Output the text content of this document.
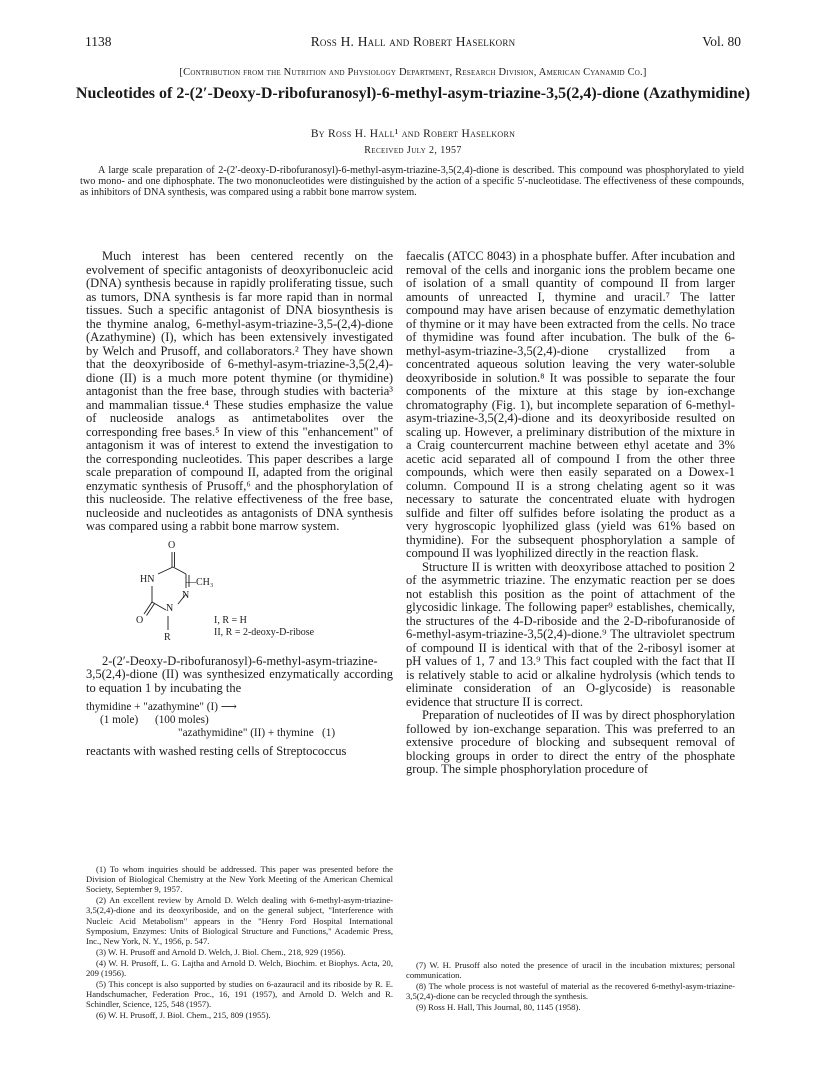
1138	Ross H. Hall and Robert Haselkorn	Vol. 80
[Contribution from the Nutrition and Physiology Department, Research Division, American Cyanamid Co.]
Nucleotides of 2-(2′-Deoxy-D-ribofuranosyl)-6-methyl-asym-triazine-3,5(2,4)-dione (Azathymidine)
By Ross H. Hall¹ and Robert Haselkorn
Received July 2, 1957

A large scale preparation of 2-(2′-deoxy-D-ribofuranosyl)-6-methyl-asym-triazine-3,5(2,4)-dione is described. This compound was phosphorylated to yield two mono- and one diphosphate. The two mononucleotides were distinguished by the action of a specific 5′-nucleotidase. The effectiveness of these compounds, as inhibitors of DNA synthesis, was compared using a rabbit bone marrow system.

Much interest has been centered recently on the evolvement of specific antagonists of deoxyribonucleic acid (DNA) synthesis because in rapidly proliferating tissue, such as tumors, DNA synthesis is far more rapid than in normal tissues. Such a specific antagonist of DNA biosynthesis is the thymine analog, 6-methyl-asym-triazine-3,5-(2,4)-dione (Azathymine) (I), which has been extensively investigated by Welch and Prusoff, and collaborators.² They have shown that the deoxyriboside of 6-methyl-asym-triazine-3,5(2,4)-dione (II) is a much more potent thymine (or thymidine) antagonist than the free base, through studies with bacteria³ and mammalian tissue.⁴ These studies emphasize the value of nucleoside analogs as antimetabolites over the corresponding free bases.⁵ In view of this "enhancement" of antagonism it was of interest to extend the investigation to the corresponding nucleotides. This paper describes a large scale preparation of compound II, adapted from the original enzymatic synthesis of Prusoff,⁶ and the phosphorylation of this nucleoside. The relative effectiveness of the free base, nucleoside and nucleotides as antagonists of DNA synthesis was compared using a rabbit bone marrow system.

O
HN	—CH₃
N
N
O
R
I, R = H
II, R = 2-deoxy-D-ribose

2-(2′-Deoxy-D-ribofuranosyl)-6-methyl-asym-triazine-3,5(2,4)-dione (II) was synthesized enzymatically according to equation 1 by incubating the

thymidine + "azathymine" (I) ⟶
(1 mole)      (100 moles)
"azathymidine" (II) + thymine   (1)

reactants with washed resting cells of Streptococcus

faecalis (ATCC 8043) in a phosphate buffer. After incubation and removal of the cells and inorganic ions the problem became one of isolation of a small quantity of compound II from larger amounts of unreacted I, thymine and uracil.⁷ The latter compound may have arisen because of enzymatic demethylation of thymine or it may have been extracted from the cells. No trace of thymidine was found after incubation. The bulk of the 6-methyl-asym-triazine-3,5(2,4)-dione crystallized from a concentrated aqueous solution leaving the very water-soluble deoxyriboside in solution.⁸ It was possible to separate the four components of the mixture at this stage by ion-exchange chromatography (Fig. 1), but incomplete separation of 6-methyl-asym-triazine-3,5(2,4)-dione and its deoxyriboside resulted on scaling up. However, a preliminary distribution of the mixture in a Craig countercurrent machine between ethyl acetate and 3% acetic acid separated all of compound I from the other three compounds, which were then easily separated on a Dowex-1 column. Compound II is a strong chelating agent so it was necessary to saturate the concentrated eluate with hydrogen sulfide and filter off sulfides before isolating the product as a very hygroscopic lyophilized glass (yield was 61% based on thymidine). For the subsequent phosphorylation a sample of compound II was lyophilized directly in the reaction flask.

Structure II is written with deoxyribose attached to position 2 of the asymmetric triazine. The enzymatic reaction per se does not establish this position as the point of attachment of the glycosidic linkage. The following paper⁹ establishes, chemically, the structures of the 4-D-riboside and the 2-D-ribofuranoside of 6-methyl-asym-triazine-3,5(2,4)-dione.⁹ The ultraviolet spectrum of compound II is identical with that of the 2-ribosyl isomer at pH values of 1, 7 and 13.⁹ This fact coupled with the fact that II is relatively stable to acid or alkaline hydrolysis (which tends to eliminate consideration of an O-glycoside) is reasonable evidence that structure II is correct.

Preparation of nucleotides of II was by direct phosphorylation followed by ion-exchange separation. This was preferred to an extensive procedure of blocking and subsequent removal of blocking groups in order to direct the entry of the phosphate group. The simple phosphorylation procedure of

(1) To whom inquiries should be addressed. This paper was presented before the Division of Biological Chemistry at the New York Meeting of the American Chemical Society, September 9, 1957.

(2) An excellent review by Arnold D. Welch dealing with 6-methyl-asym-triazine-3,5(2,4)-dione and its deoxyriboside, and on the general subject, "Interference with Nucleic Acid Metabolism" appears in the "Henry Ford Hospital International Symposium, Enzymes: Units of Biological Structure and Functions," Academic Press, Inc., New York, N. Y., 1956, p. 547.

(3) W. H. Prusoff and Arnold D. Welch, J. Biol. Chem., 218, 929 (1956).

(4) W. H. Prusoff, L. G. Lajtha and Arnold D. Welch, Biochim. et Biophys. Acta, 20, 209 (1956).

(5) This concept is also supported by studies on 6-azauracil and its riboside by R. E. Handschumacher, Federation Proc., 16, 191 (1957), and Arnold D. Welch and R. Schindler, Science, 125, 548 (1957).

(6) W. H. Prusoff, J. Biol. Chem., 215, 809 (1955).

(7) W. H. Prusoff also noted the presence of uracil in the incubation mixtures; personal communication.

(8) The whole process is not wasteful of material as the recovered 6-methyl-asym-triazine-3,5(2,4)-dione can be recycled through the synthesis.

(9) Ross H. Hall, This Journal, 80, 1145 (1958).
